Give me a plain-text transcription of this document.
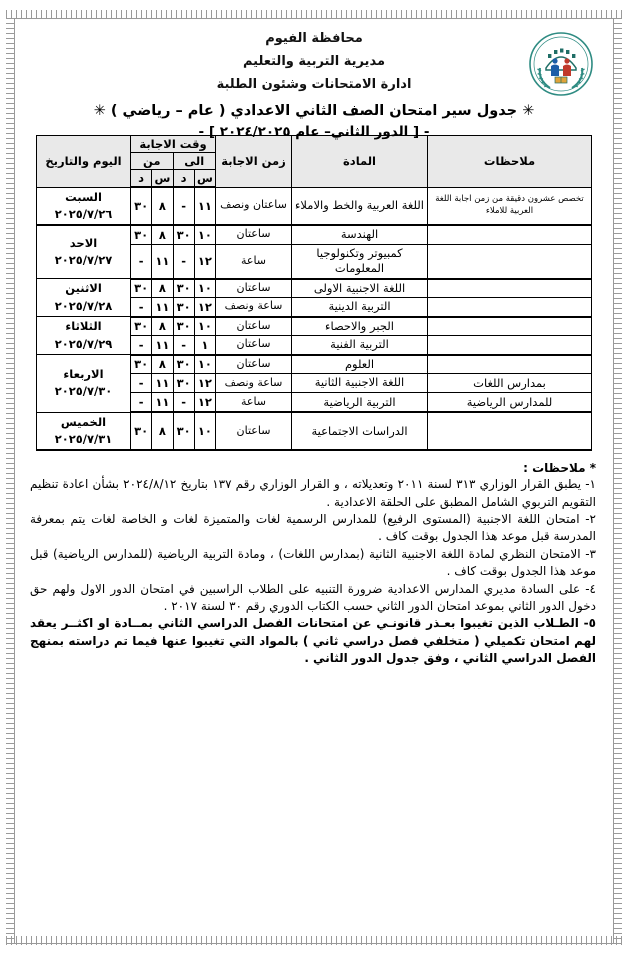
محافظة الفيوم
مديرية التربية والتعليم
ادارة الامتحانات وشئون الطلبة
✳ جدول سير امتحان الصف الثاني الاعدادي ( عام – رياضي ) ✳
- [ الدور الثاني– عام ٢٠٢٤/٢٠٢٥ ] -
ملاحظات	المادة	زمن الاجابة	وقت الاجابة				اليوم والتاريخ
			الى		من		
			س	د	س	د	
تخصص عشرون دقيقة من زمن اجابة اللغة العربية للاملاء	اللغة العربية والخط والاملاء	ساعتان ونصف	١١	-	٨	٣٠	السبت
٢٠٢٥/٧/٢٦

	الهندسة	ساعتان	١٠	٣٠	٨	٣٠	الاحد
٢٠٢٥/٧/٢٧

	كمبيوتر وتكنولوجيا المعلومات	ساعة	١٢	-	١١	-	
	اللغة الاجنبية الاولى	ساعتان	١٠	٣٠	٨	٣٠	الاثنين
٢٠٢٥/٧/٢٨

	التربية الدينية	ساعة ونصف	١٢	٣٠	١١	-	
	الجبر والاحصاء	ساعتان	١٠	٣٠	٨	٣٠	الثلاثاء
٢٠٢٥/٧/٢٩

	التربية الفنية	ساعتان	١	-	١١	-	
	العلوم	ساعتان	١٠	٣٠	٨	٣٠	الاربعاء
٢٠٢٥/٧/٣٠

بمدارس اللغات	اللغة الاجنبية الثانية	ساعة ونصف	١٢	٣٠	١١	-	
للمدارس الرياضية	التربية الرياضية	ساعة	١٢	-	١١	-	
	الدراسات الاجتماعية	ساعتان	١٠	٣٠	٨	٣٠	الخميس
٢٠٢٥/٧/٣١
* ملاحظات :
١- يطبق القرار الوزاري ٣١٣ لسنة ٢٠١١ وتعديلاته ، و القرار الوزاري رقم ١٣٧ بتاريخ ٢٠٢٤/٨/١٢ بشأن اعادة تنظيم التقويم التربوي الشامل المطبق على الحلقة الاعدادية .
٢- امتحان اللغة الاجنبية (المستوى الرفيع) للمدارس الرسمية لغات والمتميزة لغات و الخاصة لغات يتم بمعرفة المدرسة قبل موعد هذا الجدول بوقت كاف .
٣- الامتحان النظري لمادة اللغة الاجنبية الثانية (بمدارس اللغات) ، ومادة التربية الرياضية (للمدارس الرياضية) قبل موعد هذا الجدول بوقت كاف .
٤- على السادة مديري المدارس الاعدادية ضرورة التنبيه على الطلاب الراسبين في امتحان الدور الاول ولهم حق دخول الدور الثاني بموعد امتحان الدور الثاني حسب الكتاب الدوري رقم ٣٠ لسنة ٢٠١٧ .
٥- الطـلاب الذين تغيبوا بعـذر قانونـي عن امتحانات الفصل الدراسي الثاني بمــادة او اكثــر يعقد لهم امتحان تكميلي ( متخلفي فصل دراسي ثاني ) بالمواد التي تغيبوا عنها فيما تم دراسته بمنهج الفصل الدراسي الثاني ، وفق جدول الدور الثاني .
